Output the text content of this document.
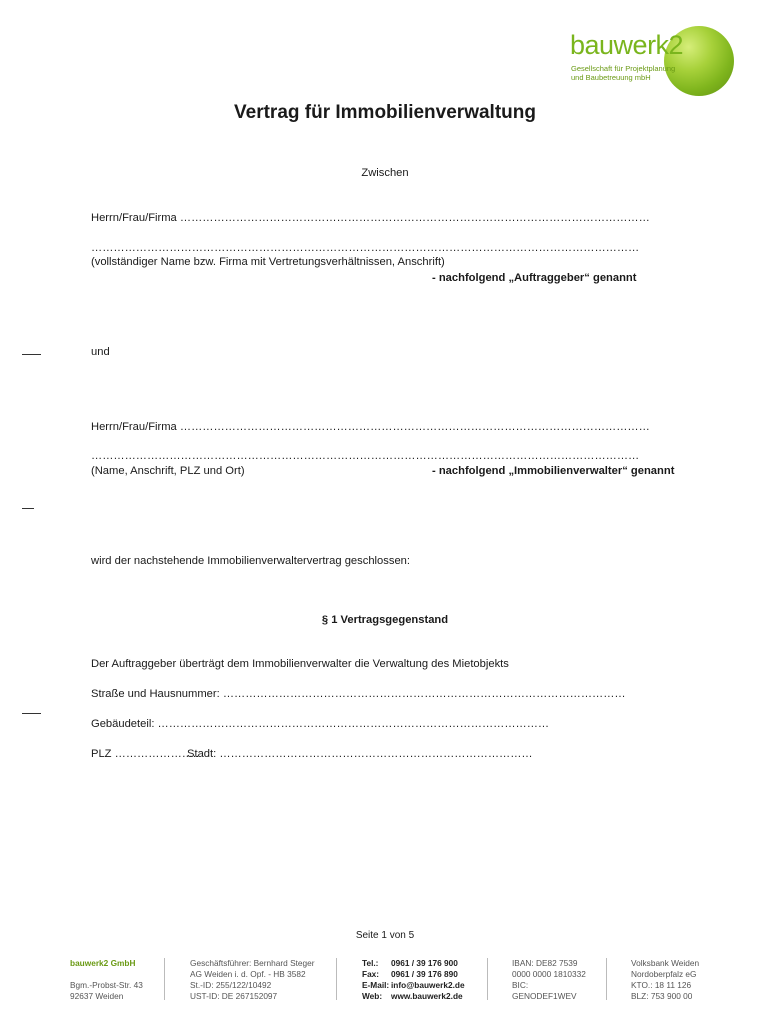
bauwerk2
Gesellschaft für Projektplanung
und Baubetreuung mbH
Vertrag für Immobilienverwaltung
Zwischen
Herrn/Frau/Firma ………………………………………………………………………………………………………………
…………………………………………………………………………………………………………………………………
(vollständiger Name bzw. Firma mit Vertretungsverhältnissen, Anschrift)
- nachfolgend „Auftraggeber“ genannt
und
Herrn/Frau/Firma ………………………………………………………………………………………………………………
…………………………………………………………………………………………………………………………………
(Name, Anschrift, PLZ und Ort)	- nachfolgend „Immobilienverwalter“ genannt
wird der nachstehende Immobilienverwaltervertrag geschlossen:
§ 1 Vertragsgegenstand
Der Auftraggeber überträgt dem Immobilienverwalter die Verwaltung des Mietobjekts
Straße und Hausnummer: ………………………………………………………………………………………………
Gebäudeteil: ……………………………………………………………………………………………
PLZ …………………..
Stadt: …………………………………………………………………………
Seite 1 von 5
bauwerk2 GmbH
Bgm.-Probst-Str. 43
92637 Weiden
Geschäftsführer: Bernhard Steger
AG Weiden i. d. Opf. - HB 3582
St.-ID: 255/122/10492
UST-ID: DE 267152097
Tel.:	0961 / 39 176 900
Fax:	0961 / 39 176 890
E-Mail: info@bauwerk2.de
Web:	www.bauwerk2.de
IBAN: DE82 7539
0000 0000 1810332
BIC:
GENODEF1WEV
Volksbank Weiden
Nordoberpfalz eG
KTO.: 18 11 126
BLZ: 753 900 00
